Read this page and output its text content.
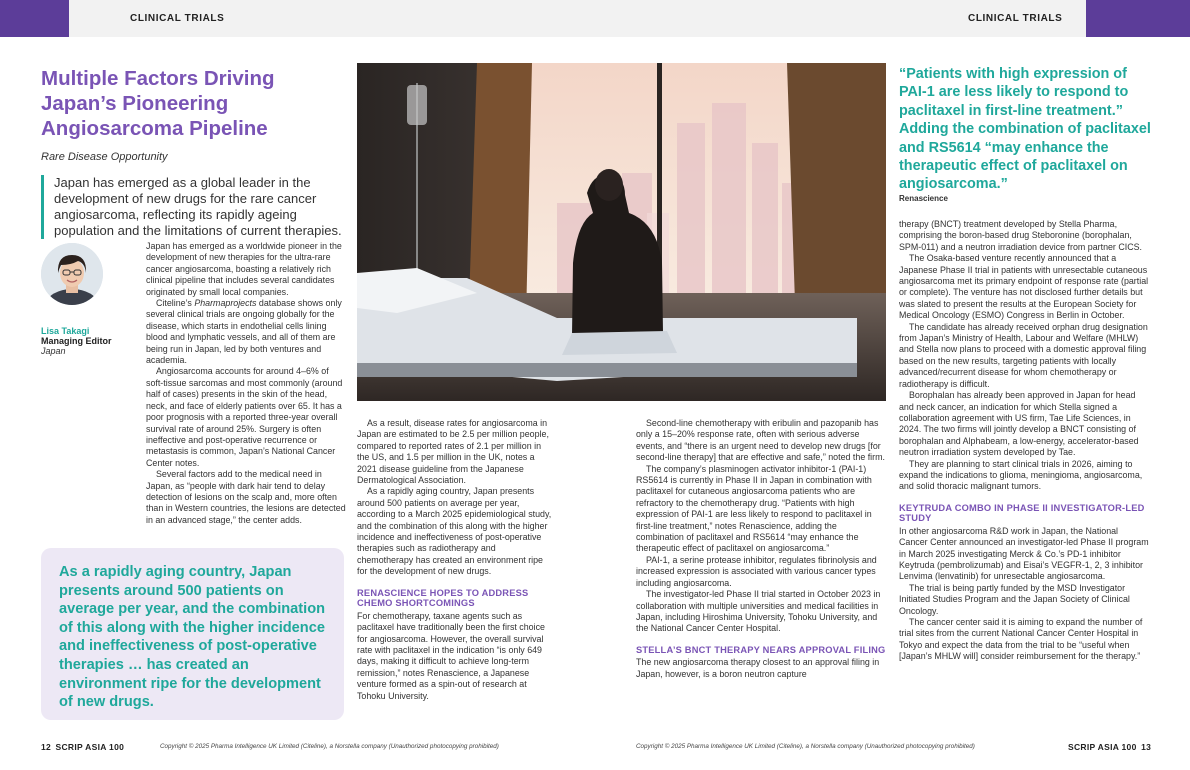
CLINICAL TRIALS	CLINICAL TRIALS
Multiple Factors Driving Japan’s Pioneering Angiosarcoma Pipeline
Rare Disease Opportunity
Japan has emerged as a global leader in the development of new drugs for the rare cancer angiosarcoma, reflecting its rapidly ageing population and the limitations of current therapies.
Lisa Takagi
Managing Editor
Japan

Japan has emerged as a worldwide pioneer in the development of new therapies for the ultra-rare cancer angiosarcoma, boasting a relatively rich clinical pipeline that includes several candidates originated by small local companies.

Citeline’s Pharmaprojects database shows only several clinical trials are ongoing globally for the disease, which starts in endothelial cells lining blood and lymphatic vessels, and all of them are being run in Japan, led by both ventures and academia.

Angiosarcoma accounts for around 4–6% of soft-tissue sarcomas and most commonly (around half of cases) presents in the skin of the head, neck, and face of elderly patients over 65. It has a poor prognosis with a reported three-year overall survival rate of around 25%. Surgery is often ineffective and post-operative recurrence or metastasis is common, Japan’s National Cancer Center notes.

Several factors add to the medical need in Japan, as “people with dark hair tend to delay detection of lesions on the scalp and, more often than in Western countries, the lesions are detected in an advanced stage,” the center adds.

As a rapidly aging country, Japan presents around 500 patients on average per year, and the combination of this along with the higher incidence and ineffectiveness of post-operative therapies … has created an environment ripe for the development of new drugs.

As a result, disease rates for angiosarcoma in Japan are estimated to be 2.5 per million people, compared to reported rates of 2.1 per million in the US, and 1.5 per million in the UK, notes a 2021 disease guideline from the Japanese Dermatological Association.

As a rapidly aging country, Japan presents around 500 patients on average per year, according to a March 2025 epidemiological study, and the combination of this along with the higher incidence and ineffectiveness of post-operative therapies such as radiotherapy and chemotherapy has created an environment ripe for the development of new drugs.

RENASCIENCE HOPES TO ADDRESS CHEMO SHORTCOMINGS

For chemotherapy, taxane agents such as paclitaxel have traditionally been the first choice for angiosarcoma. However, the overall survival rate with paclitaxel in the indication “is only 649 days, making it difficult to achieve long-term remission,” notes Renascience, a Japanese venture formed as a spin-out of research at Tohoku University.

Second-line chemotherapy with eribulin and pazopanib has only a 15–20% response rate, often with serious adverse events, and “there is an urgent need to develop new drugs [for second-line therapy] that are effective and safe,” noted the firm.

The company’s plasminogen activator inhibitor-1 (PAI-1) RS5614 is currently in Phase II in Japan in combination with paclitaxel for cutaneous angiosarcoma patients who are refractory to the chemotherapy drug. “Patients with high expression of PAI-1 are less likely to respond to paclitaxel in first-line treatment,” notes Renascience, adding the combination of paclitaxel and RS5614 “may enhance the therapeutic effect of paclitaxel on angiosarcoma.”

PAI-1, a serine protease inhibitor, regulates fibrinolysis and increased expression is associated with various cancer types including angiosarcoma.

The investigator-led Phase II trial started in October 2023 in collaboration with multiple universities and medical facilities in Japan, including Hiroshima University, Tohoku University, and the National Cancer Center Hospital.

STELLA’S BNCT THERAPY NEARS APPROVAL FILING

The new angiosarcoma therapy closest to an approval filing in Japan, however, is a boron neutron capture

“Patients with high expression of PAI-1 are less likely to respond to paclitaxel in first-line treatment.” Adding the combination of paclitaxel and RS5614 “may enhance the therapeutic effect of paclitaxel on angiosarcoma.”
Renascience

therapy (BNCT) treatment developed by Stella Pharma, comprising the boron-based drug Steboronine (borophalan, SPM-011) and a neutron irradiation device from partner CICS.

The Osaka-based venture recently announced that a Japanese Phase II trial in patients with unresectable cutaneous angiosarcoma met its primary endpoint of response rate (partial or complete). The venture has not disclosed further details but was slated to present the results at the European Society for Medical Oncology (ESMO) Congress in Berlin in October.

The candidate has already received orphan drug designation from Japan’s Ministry of Health, Labour and Welfare (MHLW) and Stella now plans to proceed with a domestic approval filing based on the new results, targeting patients with locally advanced/recurrent disease for whom chemotherapy or radiotherapy is difficult.

Borophalan has already been approved in Japan for head and neck cancer, an indication for which Stella signed a collaboration agreement with US firm, Tae Life Sciences, in 2024. The two firms will jointly develop a BNCT consisting of borophalan and Alphabeam, a low-energy, accelerator-based neutron irradiation system developed by Tae.

They are planning to start clinical trials in 2026, aiming to expand the indications to glioma, meningioma, angiosarcoma, and solid thoracic malignant tumors.

KEYTRUDA COMBO IN PHASE II INVESTIGATOR-LED STUDY

In other angiosarcoma R&D work in Japan, the National Cancer Center announced an investigator-led Phase II program in March 2025 investigating Merck & Co.’s PD-1 inhibitor Keytruda (pembrolizumab) and Eisai’s VEGFR-1, 2, 3 inhibitor Lenvima (lenvatinib) for unresectable angiosarcoma.

The trial is being partly funded by the MSD Investigator Initiated Studies Program and the Japan Society of Clinical Oncology.

The cancer center said it is aiming to expand the number of trial sites from the current National Cancer Center Hospital in Tokyo and expect the data from the trial to be “useful when [Japan’s MHLW will] consider reimbursement for the therapy.”

12 SCRIP ASIA 100	Copyright © 2025 Pharma Intelligence UK Limited (Citeline), a Norstella company (Unauthorized photocopying prohibited)	Copyright © 2025 Pharma Intelligence UK Limited (Citeline), a Norstella company (Unauthorized photocopying prohibited)	SCRIP ASIA 100 13
